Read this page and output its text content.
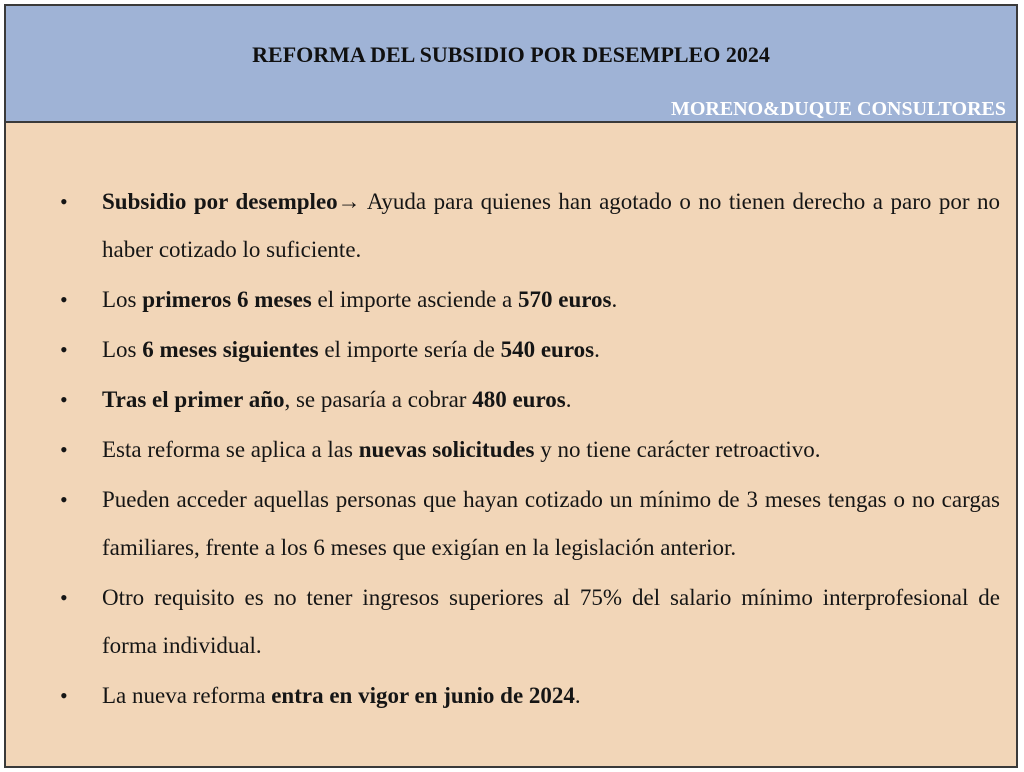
REFORMA DEL SUBSIDIO POR DESEMPLEO 2024
MORENO&DUQUE CONSULTORES
•	Subsidio por desempleo→ Ayuda para quienes han agotado o no tienen derecho a paro por no haber cotizado lo suficiente.
•	Los primeros 6 meses el importe asciende a 570 euros.
•	Los 6 meses siguientes el importe sería de 540 euros.
•	Tras el primer año, se pasaría a cobrar 480 euros.
•	Esta reforma se aplica a las nuevas solicitudes y no tiene carácter retroactivo.
•	Pueden acceder aquellas personas que hayan cotizado un mínimo de 3 meses tengas o no cargas familiares, frente a los 6 meses que exigían en la legislación anterior.
•	Otro requisito es no tener ingresos superiores al 75% del salario mínimo interprofesional de forma individual.
•	La nueva reforma entra en vigor en junio de 2024.
